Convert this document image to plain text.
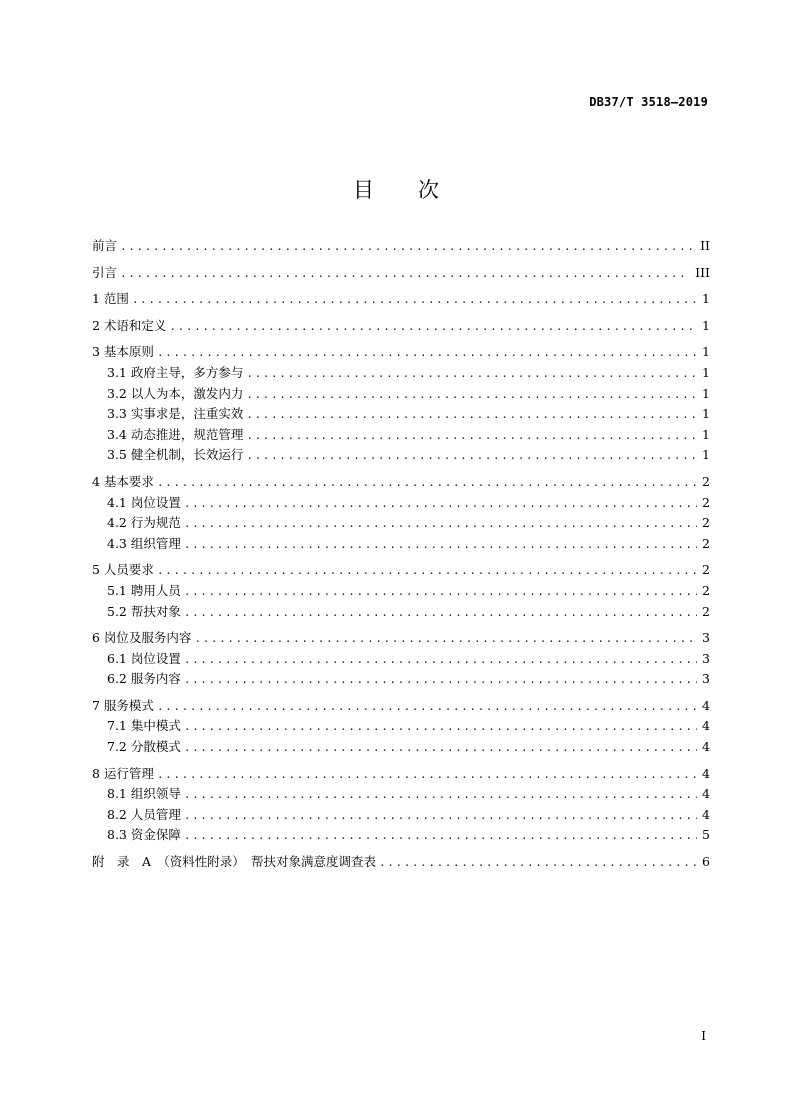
DB37/T 3518—2019
目 次
前言 .....	II
引言 .....	III
1 范围 .....	1
2 术语和定义 .....	1
3 基本原则 .....	1
3.1 政府主导，多方参与 .....	1
3.2 以人为本，激发内力 .....	1
3.3 实事求是，注重实效 .....	1
3.4 动态推进，规范管理 .....	1
3.5 健全机制，长效运行 .....	1
4 基本要求 .....	2
4.1 岗位设置 .....	2
4.2 行为规范 .....	2
4.3 组织管理 .....	2
5 人员要求 .....	2
5.1 聘用人员 .....	2
5.2 帮扶对象 .....	2
6 岗位及服务内容 .....	3
6.1 岗位设置 .....	3
6.2 服务内容 .....	3
7 服务模式 .....	4
7.1 集中模式 .....	4
7.2 分散模式 .....	4
8 运行管理 .....	4
8.1 组织领导 .....	4
8.2 人员管理 .....	4
8.3 资金保障 .....	5
附　录　A　（资料性附录）　帮扶对象满意度调查表 .....	6
I
